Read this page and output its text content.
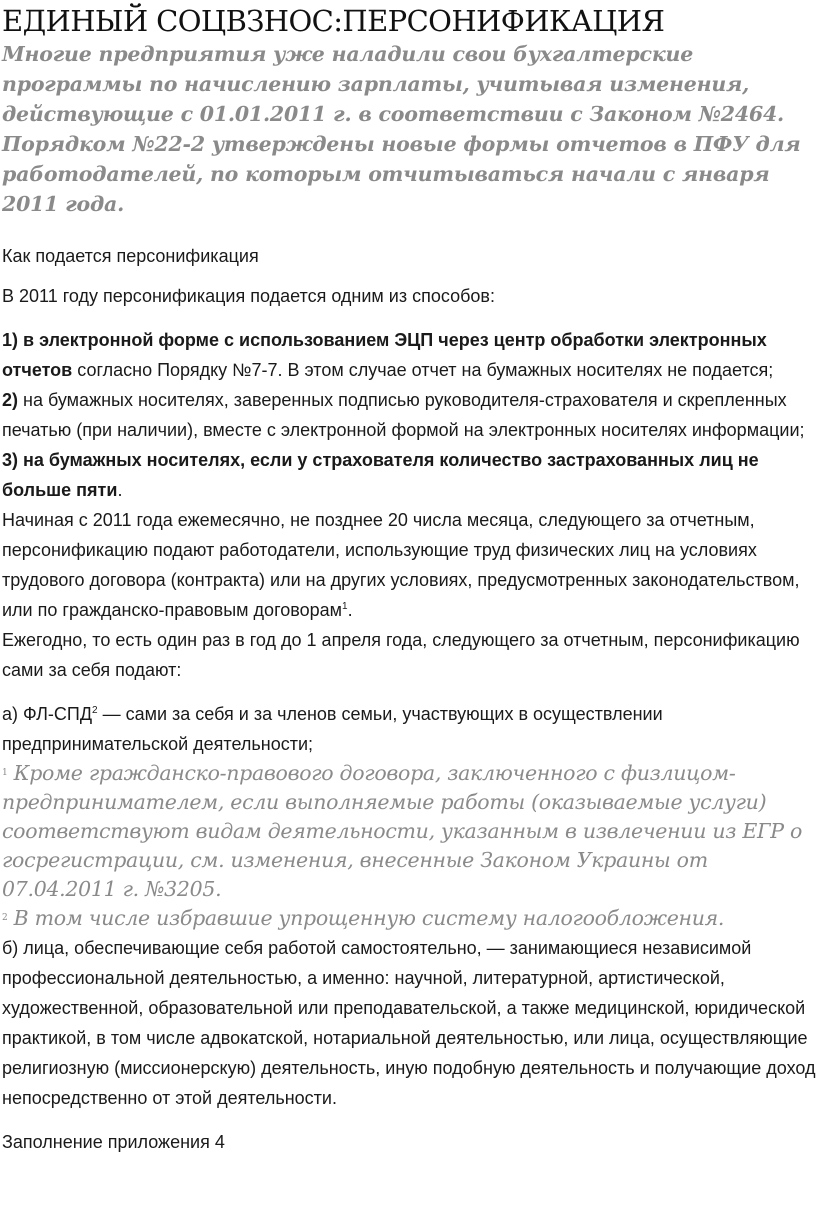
ЕДИНЫЙ СОЦВЗНОС:ПЕРСОНИФИКАЦИЯ

Многие предприятия уже наладили свои бухгалтерские программы по начислению зарплаты, учитывая изменения, действующие с 01.01.2011 г. в соответствии с Законом №2464. Порядком №22-2 утверждены новые формы отчетов в ПФУ для работодателей, по которым отчитываться начали с января 2011 года.

Как подается персонификация

В 2011 году персонификация подается одним из способов:

1) в электронной форме с использованием ЭЦП через центр обработки электронных отчетов согласно Порядку №7-7. В этом случае отчет на бумажных носителях не подается;

2) на бумажных носителях, заверенных подписью руководителя-страхователя и скрепленных печатью (при наличии), вместе с электронной формой на электронных носителях информации;

3) на бумажных носителях, если у страхователя количество застрахованных лиц не больше пяти.

Начиная с 2011 года ежемесячно, не позднее 20 числа месяца, следующего за отчетным, персонификацию подают работодатели, использующие труд физических лиц на условиях трудового договора (контракта) или на других условиях, предусмотренных законодательством, или по гражданско-правовым договорам$^1$.

Ежегодно, то есть один раз в год до 1 апреля года, следующего за отчетным, персонификацию сами за себя подают:

а) ФЛ-СПД$^2$ — сами за себя и за членов семьи, участвующих в осуществлении предпринимательской деятельности;

$^1$ Кроме гражданско-правового договора, заключенного с физлицом-предпринимателем, если выполняемые работы (оказываемые услуги) соответствуют видам деятельности, указанным в извлечении из ЕГР о госрегистрации, см. изменения, внесенные Законом Украины от 07.04.2011 г. №3205.

$^2$ В том числе избравшие упрощенную систему налогообложения.

б) лица, обеспечивающие себя работой самостоятельно, — занимающиеся независимой профессиональной деятельностью, а именно: научной, литературной, артистической, художественной, образовательной или преподавательской, а также медицинской, юридической практикой, в том числе адвокатской, нотариальной деятельностью, или лица, осуществляющие религиозную (миссионерскую) деятельность, иную подобную деятельность и получающие доход непосредственно от этой деятельности.

Заполнение приложения 4
